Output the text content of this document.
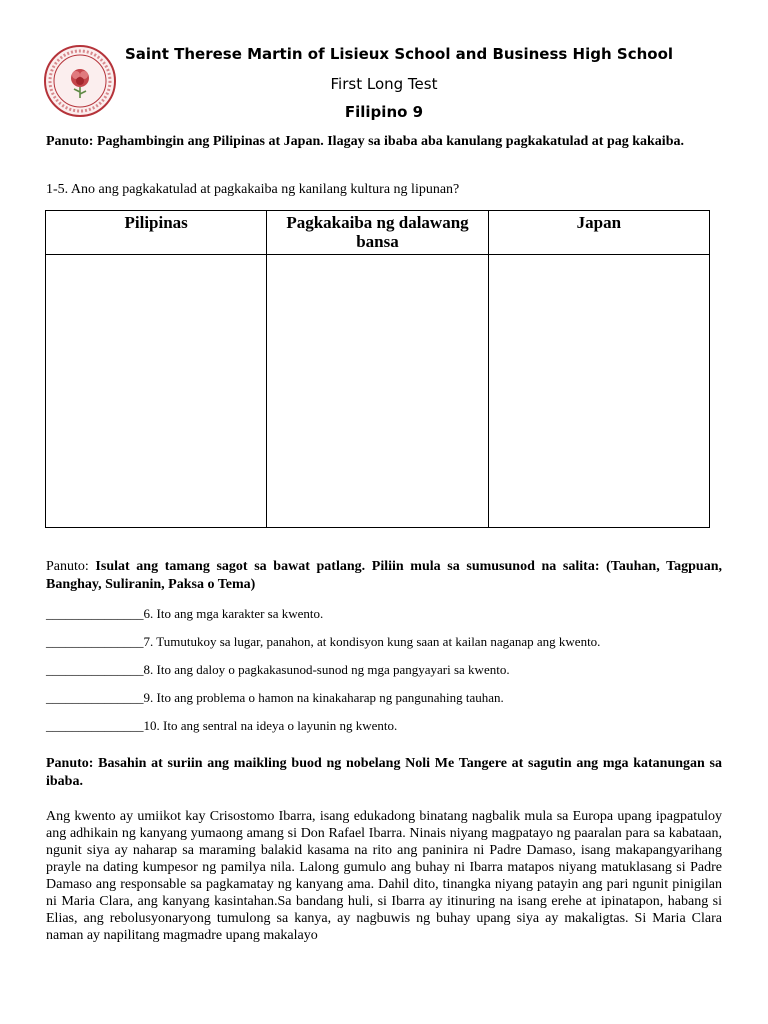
Saint Therese Martin of Lisieux School and Business High School
First Long Test
Filipino 9
Panuto: Paghambingin ang Pilipinas at Japan. Ilagay sa ibaba aba kanulang pagkakatulad at pag kakaiba.
1-5. Ano ang pagkakatulad at pagkakaiba ng kanilang kultura ng lipunan?
Pilipinas	Pagkakaiba ng dalawang bansa	Japan

Panuto: Isulat ang tamang sagot sa bawat patlang. Piliin mula sa sumusunod na salita: (Tauhan, Tagpuan, Banghay, Suliranin, Paksa o Tema)
_______________6. Ito ang mga karakter sa kwento.
_______________7. Tumutukoy sa lugar, panahon, at kondisyon kung saan at kailan naganap ang kwento.
_______________8. Ito ang daloy o pagkakasunod-sunod ng mga pangyayari sa kwento.
_______________9. Ito ang problema o hamon na kinakaharap ng pangunahing tauhan.
_______________10. Ito ang sentral na ideya o layunin ng kwento.
Panuto: Basahin at suriin ang maikling buod ng nobelang Noli Me Tangere at sagutin ang mga katanungan sa ibaba.
Ang kwento ay umiikot kay Crisostomo Ibarra, isang edukadong binatang nagbalik mula sa Europa upang ipagpatuloy ang adhikain ng kanyang yumaong amang si Don Rafael Ibarra. Ninais niyang magpatayo ng paaralan para sa kabataan, ngunit siya ay naharap sa maraming balakid kasama na rito ang paninira ni Padre Damaso, isang makapangyarihang prayle na dating kumpesor ng pamilya nila. Lalong gumulo ang buhay ni Ibarra matapos niyang matuklasang si Padre Damaso ang responsable sa pagkamatay ng kanyang ama. Dahil dito, tinangka niyang patayin ang pari ngunit pinigilan ni Maria Clara, ang kanyang kasintahan.Sa bandang huli, si Ibarra ay itinuring na isang erehe at ipinatapon, habang si Elias, ang rebolusyonaryong tumulong sa kanya, ay nagbuwis ng buhay upang siya ay makaligtas. Si Maria Clara naman ay napilitang magmadre upang makalayo
